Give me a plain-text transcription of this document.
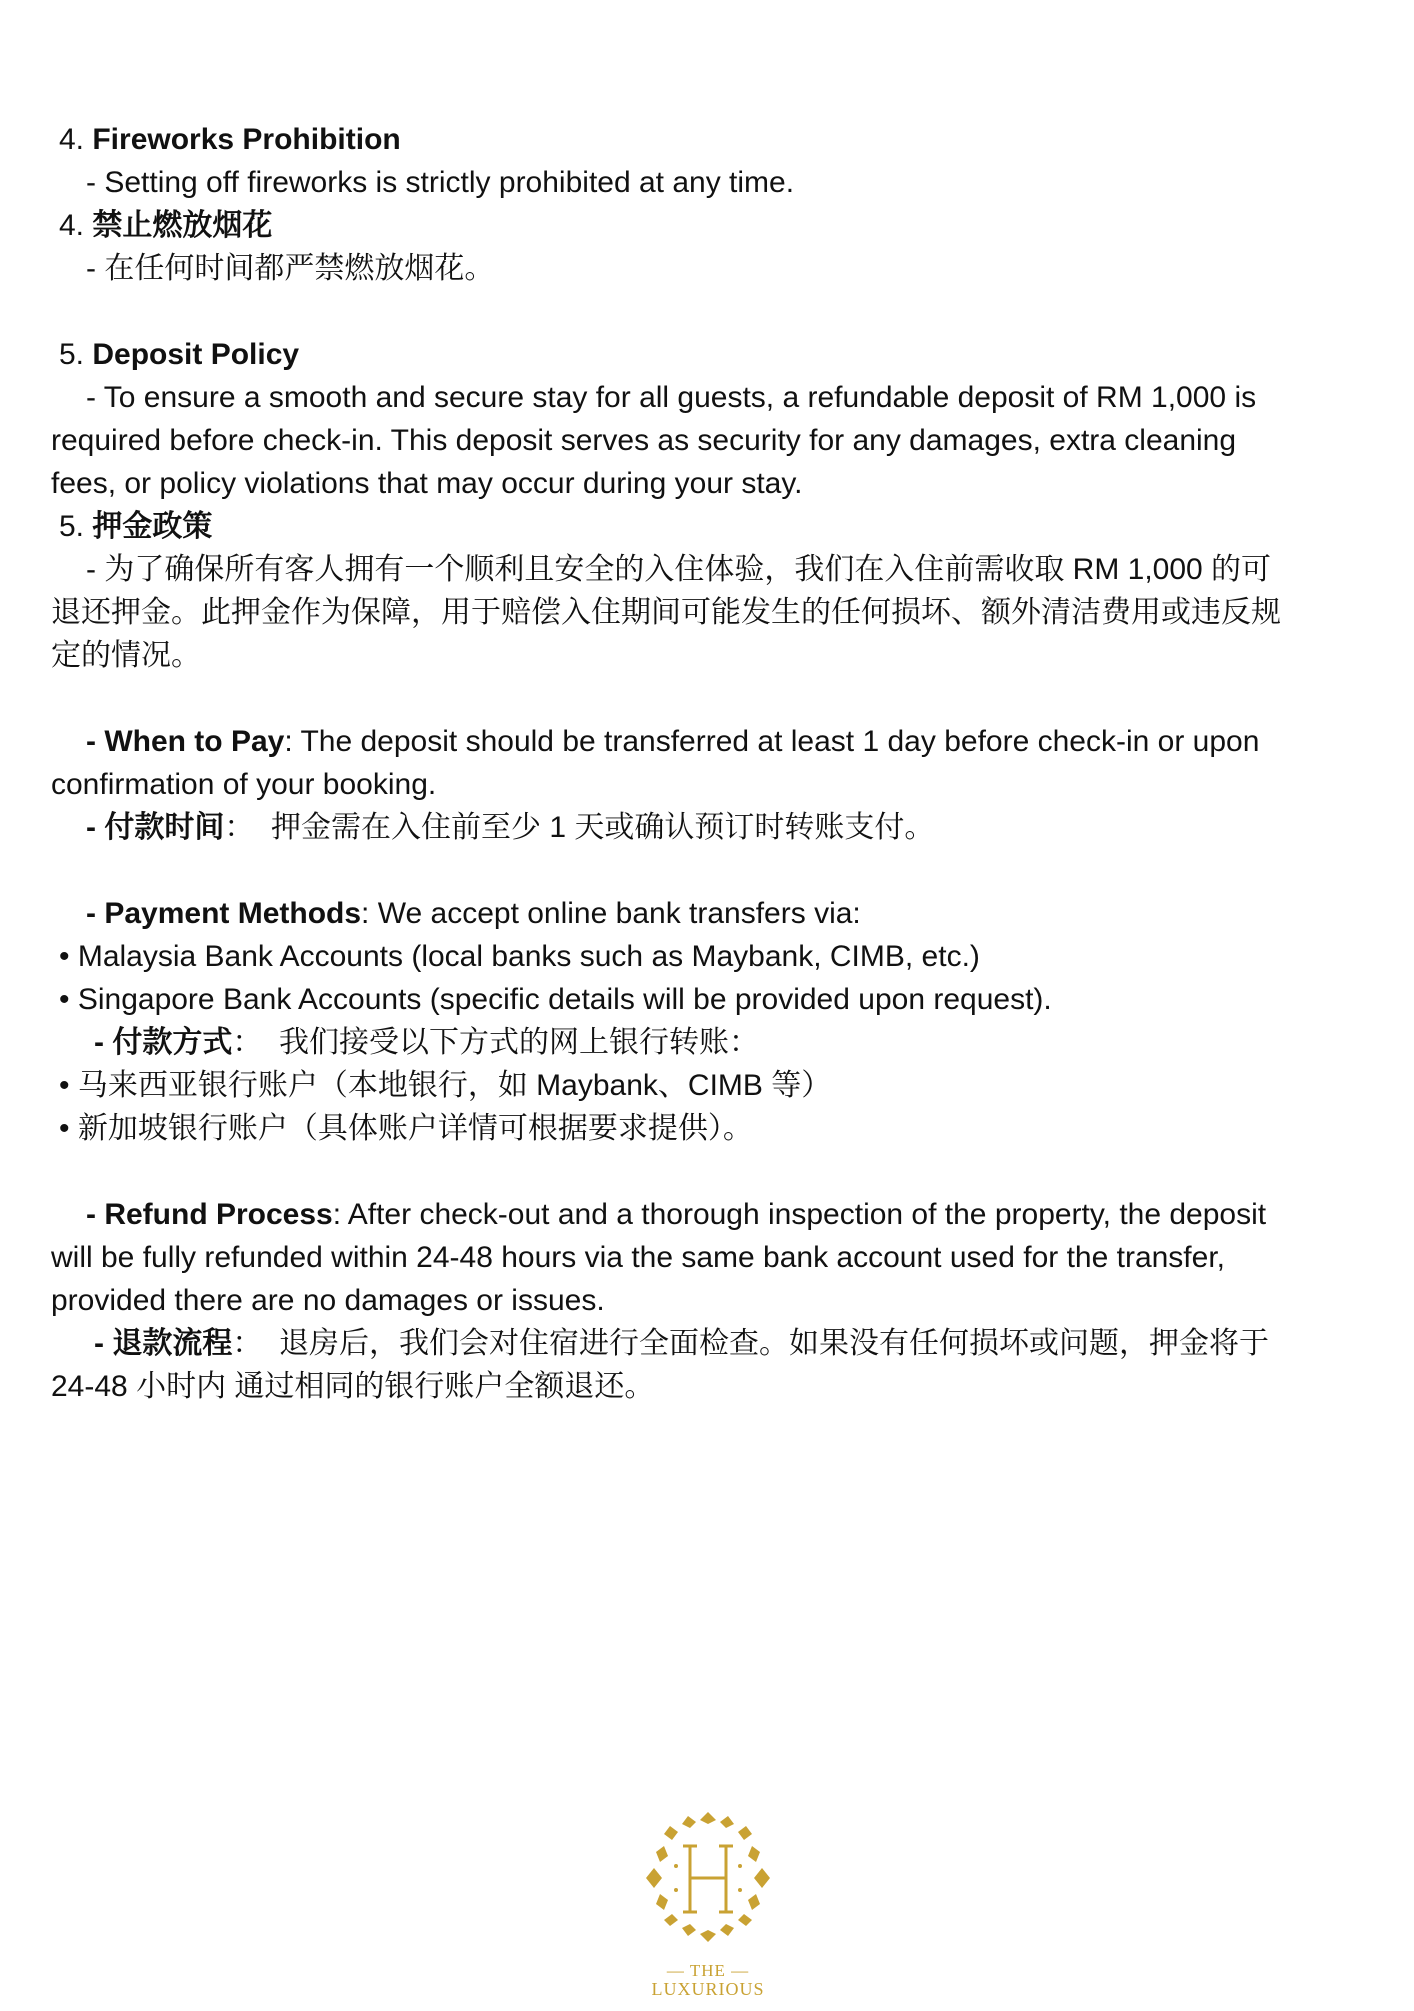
4. Fireworks Prohibition
- Setting off fireworks is strictly prohibited at any time.
4. 禁止燃放烟花
- 在任何时间都严禁燃放烟花。
5. Deposit Policy
- To ensure a smooth and secure stay for all guests, a refundable deposit of RM 1,000 is
required before check-in. This deposit serves as security for any damages, extra cleaning
fees, or policy violations that may occur during your stay.
5. 押金政策
- 为了确保所有客人拥有一个顺利且安全的入住体验，我们在入住前需收取 RM 1,000 的可
退还押金。此押金作为保障，用于赔偿入住期间可能发生的任何损坏、额外清洁费用或违反规
定的情况。
- When to Pay: The deposit should be transferred at least 1 day before check-in or upon
confirmation of your booking.
- 付款时间：  押金需在入住前至少 1 天或确认预订时转账支付。
- Payment Methods: We accept online bank transfers via:
• Malaysia Bank Accounts (local banks such as Maybank, CIMB, etc.)
• Singapore Bank Accounts (specific details will be provided upon request).
- 付款方式：  我们接受以下方式的网上银行转账：
• 马来西亚银行账户（本地银行，如 Maybank、CIMB 等）
• 新加坡银行账户（具体账户详情可根据要求提供）。
- Refund Process: After check-out and a thorough inspection of the property, the deposit
will be fully refunded within 24-48 hours via the same bank account used for the transfer,
provided there are no damages or issues.
- 退款流程：  退房后，我们会对住宿进行全面检查。如果没有任何损坏或问题，押金将于
24-48 小时内 通过相同的银行账户全额退还。
— THE —
LUXURIOUS
